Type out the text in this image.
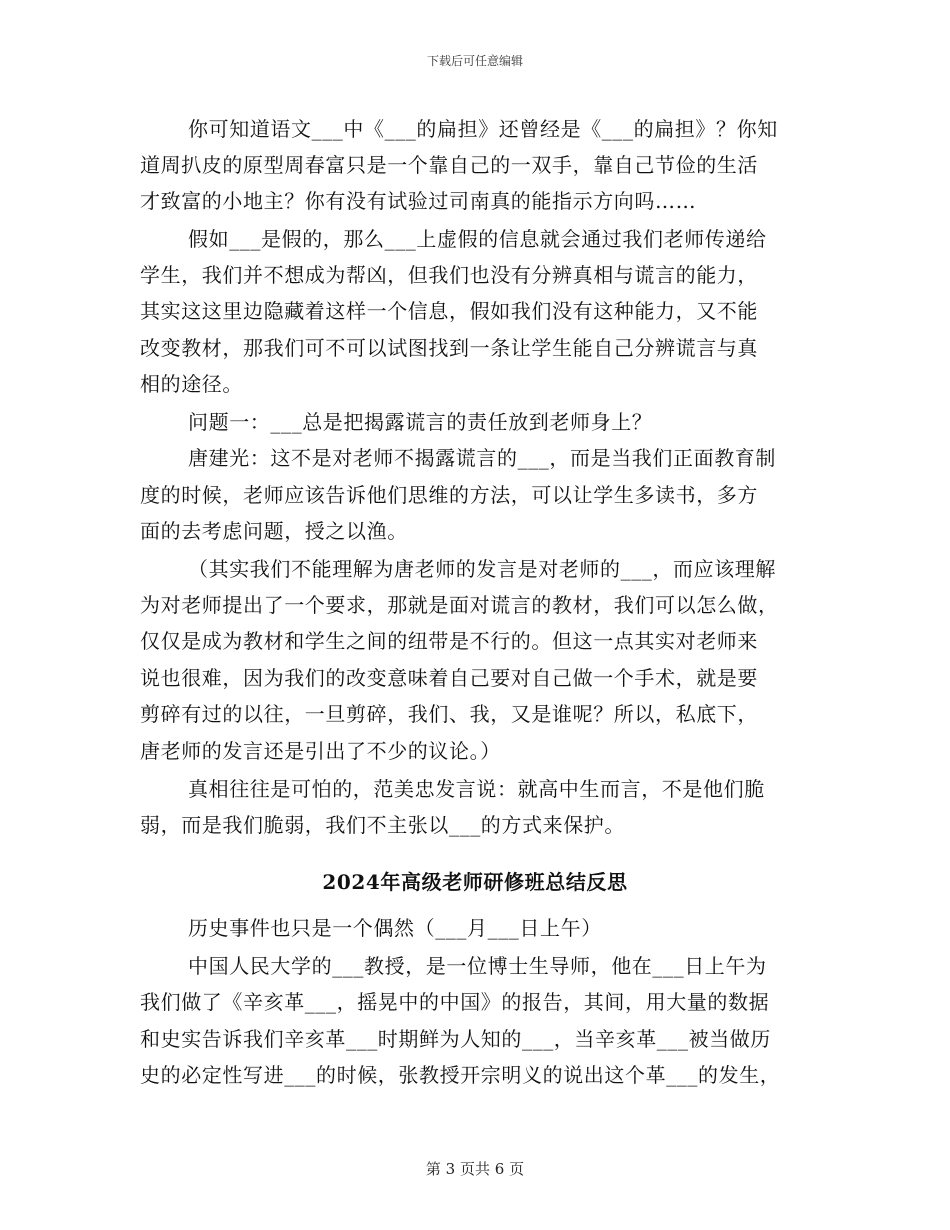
下载后可任意编辑
你可知道语文___中《___的扁担》还曾经是《___的扁担》？你知
道周扒皮的原型周春富只是一个靠自己的一双手，靠自己节俭的生活
才致富的小地主？你有没有试验过司南真的能指示方向吗……
假如___是假的，那么___上虚假的信息就会通过我们老师传递给
学生，我们并不想成为帮凶，但我们也没有分辨真相与谎言的能力，
其实这这里边隐藏着这样一个信息，假如我们没有这种能力，又不能
改变教材，那我们可不可以试图找到一条让学生能自己分辨谎言与真
相的途径。
问题一：___总是把揭露谎言的责任放到老师身上？
唐建光：这不是对老师不揭露谎言的___，而是当我们正面教育制
度的时候，老师应该告诉他们思维的方法，可以让学生多读书，多方
面的去考虑问题，授之以渔。
（其实我们不能理解为唐老师的发言是对老师的___，而应该理解
为对老师提出了一个要求，那就是面对谎言的教材，我们可以怎么做，
仅仅是成为教材和学生之间的纽带是不行的。但这一点其实对老师来
说也很难，因为我们的改变意味着自己要对自己做一个手术，就是要
剪碎有过的以往，一旦剪碎，我们、我，又是谁呢？所以，私底下，
唐老师的发言还是引出了不少的议论。）
真相往往是可怕的，范美忠发言说：就高中生而言，不是他们脆
弱，而是我们脆弱，我们不主张以___的方式来保护。
2024年高级老师研修班总结反思
历史事件也只是一个偶然（___月___日上午）
中国人民大学的___教授，是一位博士生导师，他在___日上午为
我们做了《辛亥革___，摇晃中的中国》的报告，其间，用大量的数据
和史实告诉我们辛亥革___时期鲜为人知的___，当辛亥革___被当做历
史的必定性写进___的时候，张教授开宗明义的说出这个革___的发生，
第 3 页共 6 页
